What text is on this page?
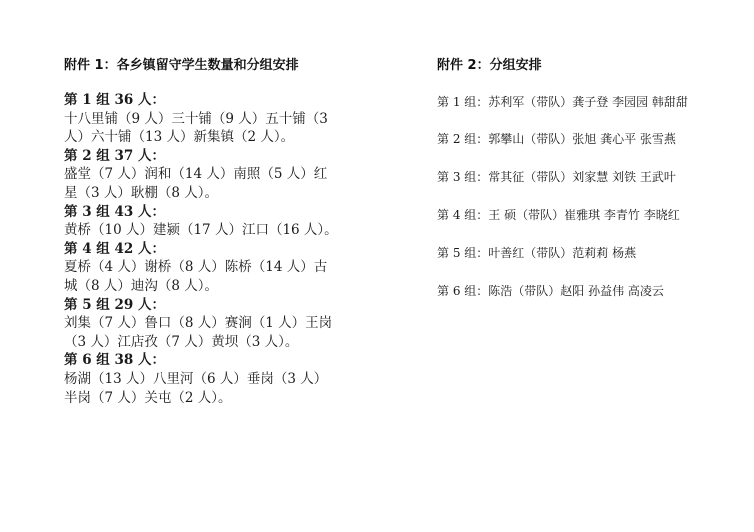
附件 1：各乡镇留守学生数量和分组安排
第 1 组 36 人：
十八里铺（9 人）三十铺（9 人）五十铺（3
人）六十铺（13 人）新集镇（2 人）。
第 2 组 37 人：
盛堂（7 人）润和（14 人）南照（5 人）红
星（3 人）耿棚（8 人）。
第 3 组 43 人：
黄桥（10 人）建颍（17 人）江口（16 人）。
第 4 组 42 人：
夏桥（4 人）谢桥（8 人）陈桥（14 人）古
城（8 人）迪沟（8 人）。
第 5 组 29 人：
刘集（7 人）鲁口（8 人）赛涧（1 人）王岗
（3 人）江店孜（7 人）黄坝（3 人）。
第 6 组 38 人：
杨湖（13 人）八里河（6 人）垂岗（3 人）
半岗（7 人）关屯（2 人）。
附件 2：分组安排
第 1 组：苏利军（带队）龚子登 李园园 韩甜甜
第 2 组：郭攀山（带队）张旭 龚心平 张雪燕
第 3 组：常其征（带队）刘家慧 刘铁 王武叶
第 4 组：王 硕（带队）崔雅琪 李青竹 李晓红
第 5 组：叶善红（带队）范莉莉 杨燕
第 6 组：陈浩（带队）赵阳 孙益伟 高凌云
